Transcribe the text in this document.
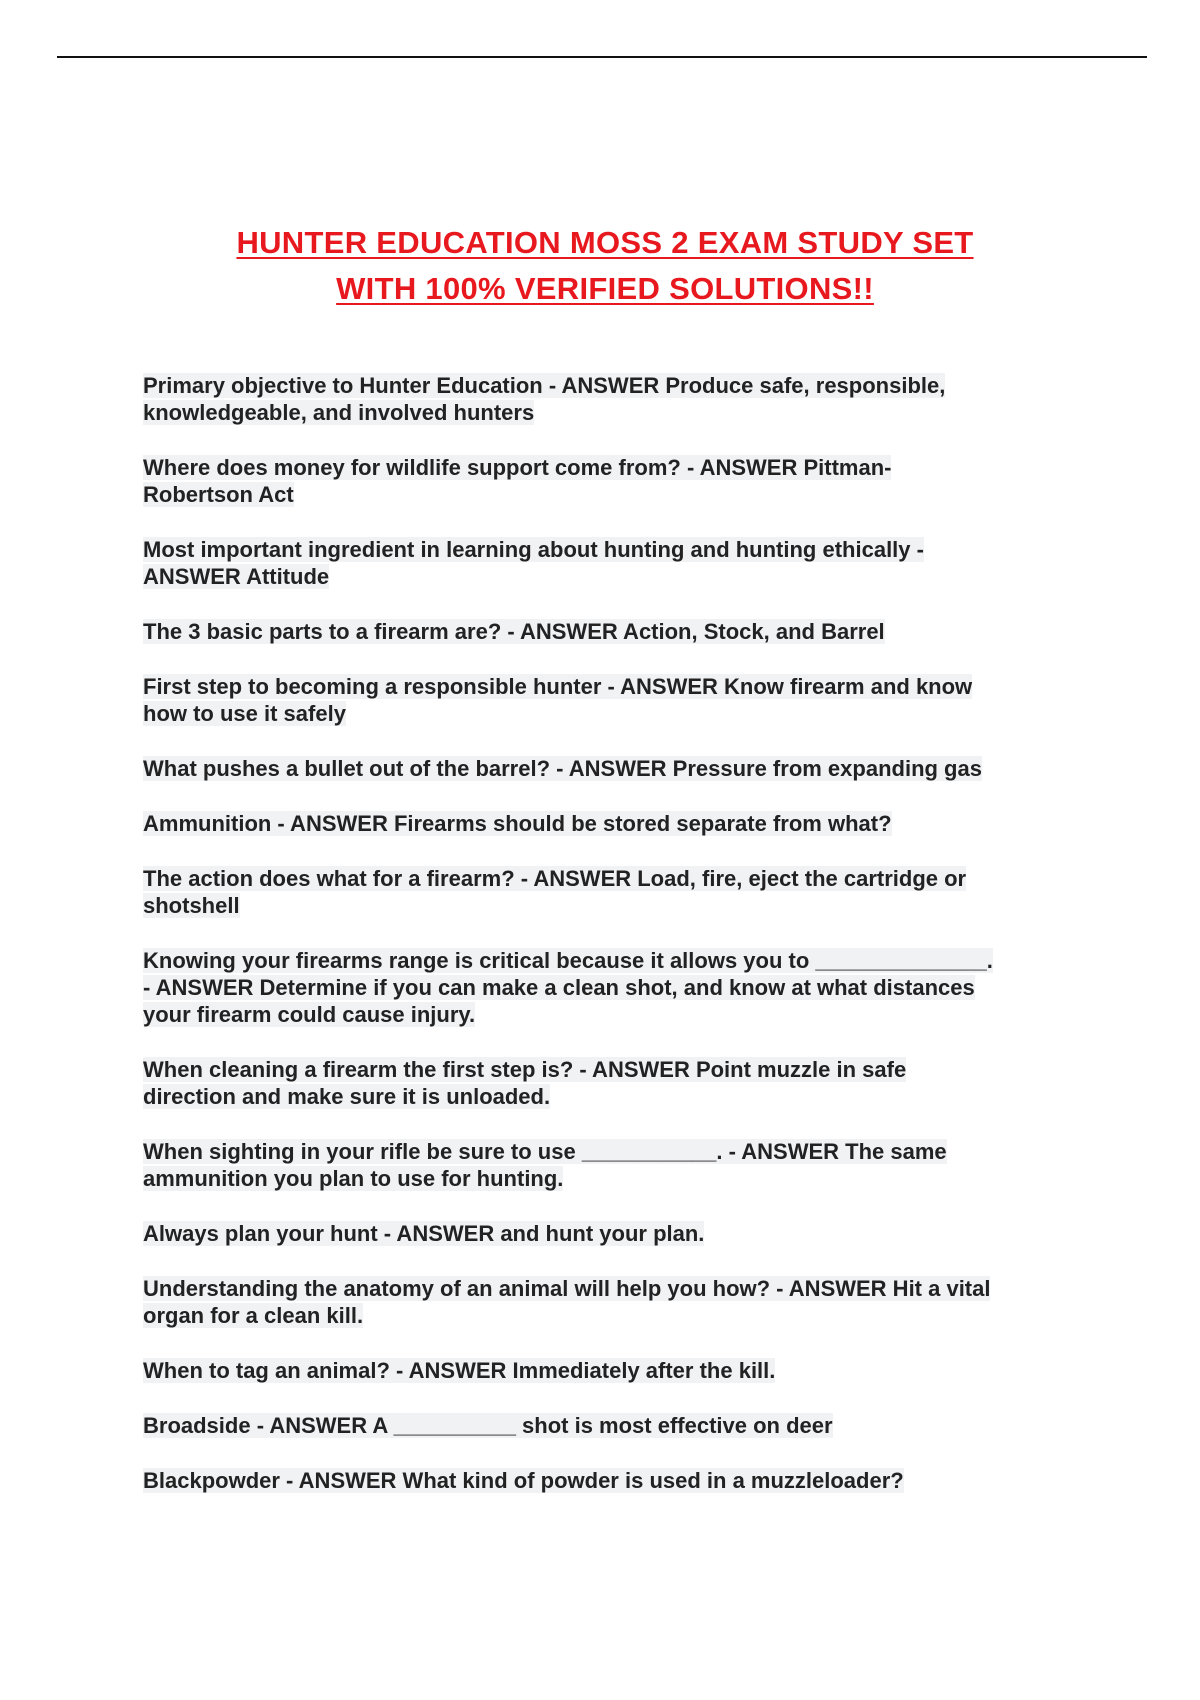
HUNTER EDUCATION MOSS 2 EXAM STUDY SET
WITH 100% VERIFIED SOLUTIONS!!
Primary objective to Hunter Education - ANSWER Produce safe, responsible,
knowledgeable, and involved hunters
Where does money for wildlife support come from? - ANSWER Pittman-
Robertson Act
Most important ingredient in learning about hunting and hunting ethically -
ANSWER Attitude
The 3 basic parts to a firearm are? - ANSWER Action, Stock, and Barrel
First step to becoming a responsible hunter - ANSWER Know firearm and know
how to use it safely
What pushes a bullet out of the barrel? - ANSWER Pressure from expanding gas
Ammunition - ANSWER Firearms should be stored separate from what?
The action does what for a firearm? - ANSWER Load, fire, eject the cartridge or
shotshell
Knowing your firearms range is critical because it allows you to ______________.
- ANSWER Determine if you can make a clean shot, and know at what distances
your firearm could cause injury.
When cleaning a firearm the first step is? - ANSWER Point muzzle in safe
direction and make sure it is unloaded.
When sighting in your rifle be sure to use ___________. - ANSWER The same
ammunition you plan to use for hunting.
Always plan your hunt - ANSWER and hunt your plan.
Understanding the anatomy of an animal will help you how? - ANSWER Hit a vital
organ for a clean kill.
When to tag an animal? - ANSWER Immediately after the kill.
Broadside - ANSWER A __________ shot is most effective on deer
Blackpowder - ANSWER What kind of powder is used in a muzzleloader?
